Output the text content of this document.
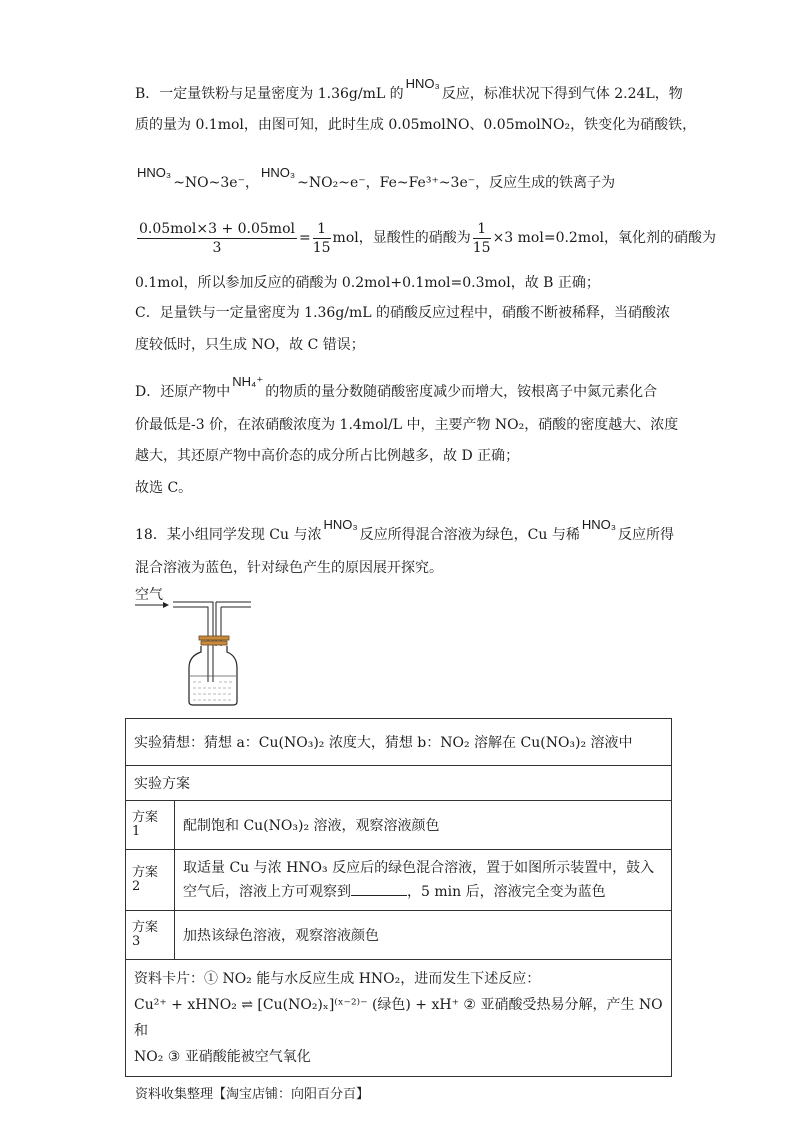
B．一定量铁粉与足量密度为 1.36g/mL 的HNO₃反应，标准状况下得到气体 2.24L，物
质的量为 0.1mol，由图可知，此时生成 0.05molNO、0.05molNO₂，铁变化为硝酸铁，
HNO₃~NO~3e⁻，HNO₃~NO₂~e⁻，Fe~Fe³⁺~3e⁻，反应生成的铁离子为
$\frac{\text{0.05mol×3 + 0.05mol}}{3} = \frac{1}{15}$ mol，显酸性的硝酸为 $\frac{1}{15} \times 3$ mol=0.2mol，氧化剂的硝酸为
0.1mol，所以参加反应的硝酸为 0.2mol+0.1mol=0.3mol，故 B 正确；
C．足量铁与一定量密度为 1.36g/mL 的硝酸反应过程中，硝酸不断被稀释，当硝酸浓
度较低时，只生成 NO，故 C 错误；
D．还原产物中NH₄⁺的物质的量分数随硝酸密度减少而增大，铵根离子中氮元素化合
价最低是-3 价，在浓硝酸浓度为 1.4mol/L 中，主要产物 NO₂，硝酸的密度越大、浓度
越大，其还原产物中高价态的成分所占比例越多，故 D 正确；
故选 C。
18．某小组同学发现 Cu 与浓HNO₃反应所得混合溶液为绿色，Cu 与稀HNO₃反应所得
混合溶液为蓝色，针对绿色产生的原因展开探究。
空气
实验猜想：猜想 a：Cu(NO₃)₂ 浓度大，猜想 b：NO₂ 溶解在 Cu(NO₃)₂ 溶液中	
实验方案	
方案 1	配制饱和 Cu(NO₃)₂ 溶液，观察溶液颜色
方案 2	取适量 Cu 与浓 HNO₃ 反应后的绿色混合溶液，置于如图所示装置中，鼓入空气后，溶液上方可观察到 ，5 min 后，溶液完全变为蓝色
方案 3	加热该绿色溶液，观察溶液颜色

资料卡片：① NO₂ 能与水反应生成 HNO₂，进而发生下述反应：
Cu²⁺ + xHNO₂ ⇌ [Cu(NO₂)ₓ]⁽ˣ⁻²⁾⁻ (绿色) + xH⁺ ② 亚硝酸受热易分解，产生 NO 和
NO₂ ③ 亚硝酸能被空气氧化	
资料收集整理【淘宝店铺：向阳百分百】
